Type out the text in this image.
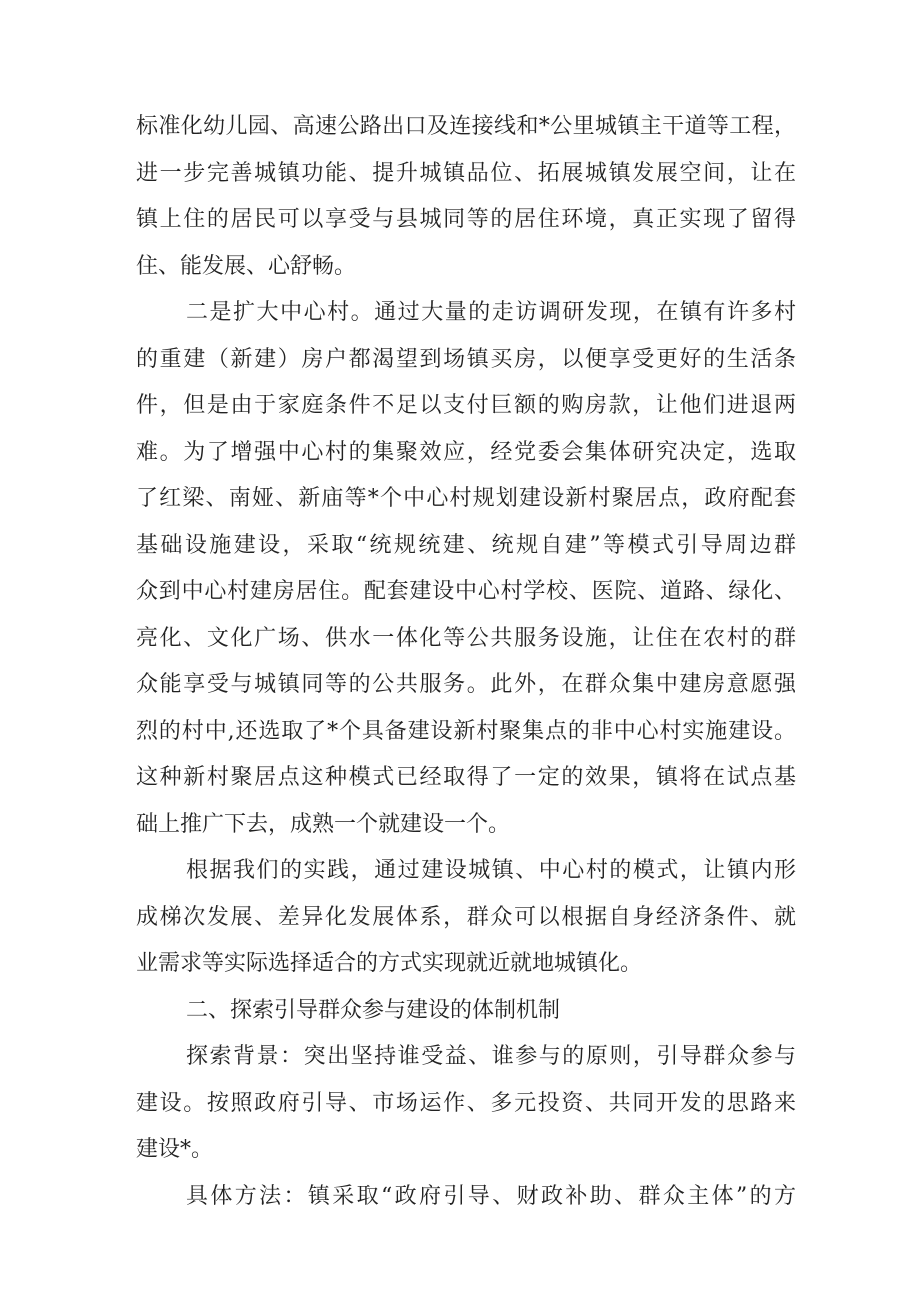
标准化幼儿园、高速公路出口及连接线和*公里城镇主干道等工程，
进一步完善城镇功能、提升城镇品位、拓展城镇发展空间，让在
镇上住的居民可以享受与县城同等的居住环境，真正实现了留得
住、能发展、心舒畅。
二是扩大中心村。通过大量的走访调研发现，在镇有许多村
的重建（新建）房户都渴望到场镇买房，以便享受更好的生活条
件，但是由于家庭条件不足以支付巨额的购房款，让他们进退两
难。为了增强中心村的集聚效应，经党委会集体研究决定，选取
了红梁、南娅、新庙等*个中心村规划建设新村聚居点，政府配套
基础设施建设，采取“统规统建、统规自建”等模式引导周边群
众到中心村建房居住。配套建设中心村学校、医院、道路、绿化、
亮化、文化广场、供水一体化等公共服务设施，让住在农村的群
众能享受与城镇同等的公共服务。此外，在群众集中建房意愿强
烈的村中,还选取了*个具备建设新村聚集点的非中心村实施建设。
这种新村聚居点这种模式已经取得了一定的效果，镇将在试点基
础上推广下去，成熟一个就建设一个。
根据我们的实践，通过建设城镇、中心村的模式，让镇内形
成梯次发展、差异化发展体系，群众可以根据自身经济条件、就
业需求等实际选择适合的方式实现就近就地城镇化。
二、探索引导群众参与建设的体制机制
探索背景：突出坚持谁受益、谁参与的原则，引导群众参与
建设。按照政府引导、市场运作、多元投资、共同开发的思路来
建设*。
具体方法：镇采取“政府引导、财政补助、群众主体”的方
